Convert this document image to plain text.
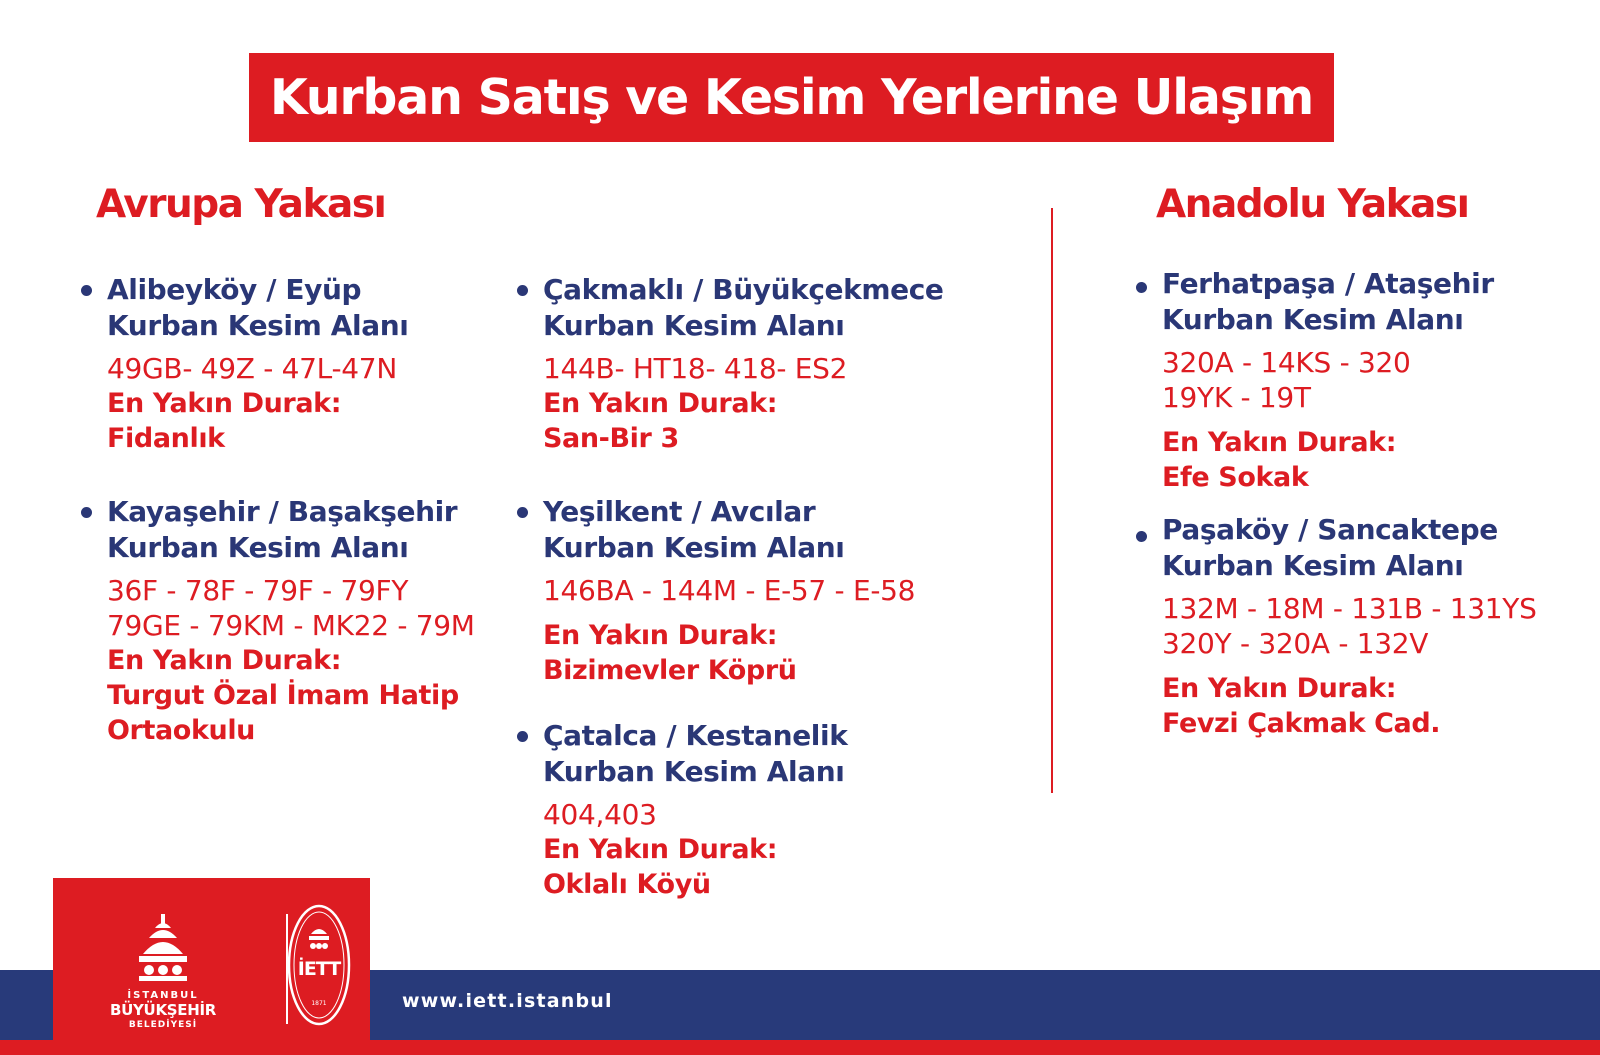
Kurban Satış ve Kesim Yerlerine Ulaşım
Avrupa Yakası	Anadolu Yakası
Alibeyköy / Eyüp
Kurban Kesim Alanı
49GB- 49Z - 47L-47N
En Yakın Durak:
Fidanlık
Kayaşehir / Başakşehir
Kurban Kesim Alanı
36F - 78F - 79F - 79FY
79GE - 79KM - MK22 - 79M
En Yakın Durak:
Turgut Özal İmam Hatip
Ortaokulu
Çakmaklı / Büyükçekmece
Kurban Kesim Alanı
144B- HT18- 418- ES2
En Yakın Durak:
San-Bir 3
Yeşilkent / Avcılar
Kurban Kesim Alanı
146BA - 144M - E-57 - E-58
En Yakın Durak:
Bizimevler Köprü
Çatalca / Kestanelik
Kurban Kesim Alanı
404,403
En Yakın Durak:
Oklalı Köyü
Ferhatpaşa / Ataşehir
Kurban Kesim Alanı
320A - 14KS - 320
19YK - 19T
En Yakın Durak:
Efe Sokak
Paşaköy / Sancaktepe
Kurban Kesim Alanı
132M - 18M - 131B - 131YS
320Y - 320A - 132V
En Yakın Durak:
Fevzi Çakmak Cad.
İSTANBUL
BÜYÜKŞEHİR
BELEDİYESİ
İETT
1871	www.iett.istanbul
